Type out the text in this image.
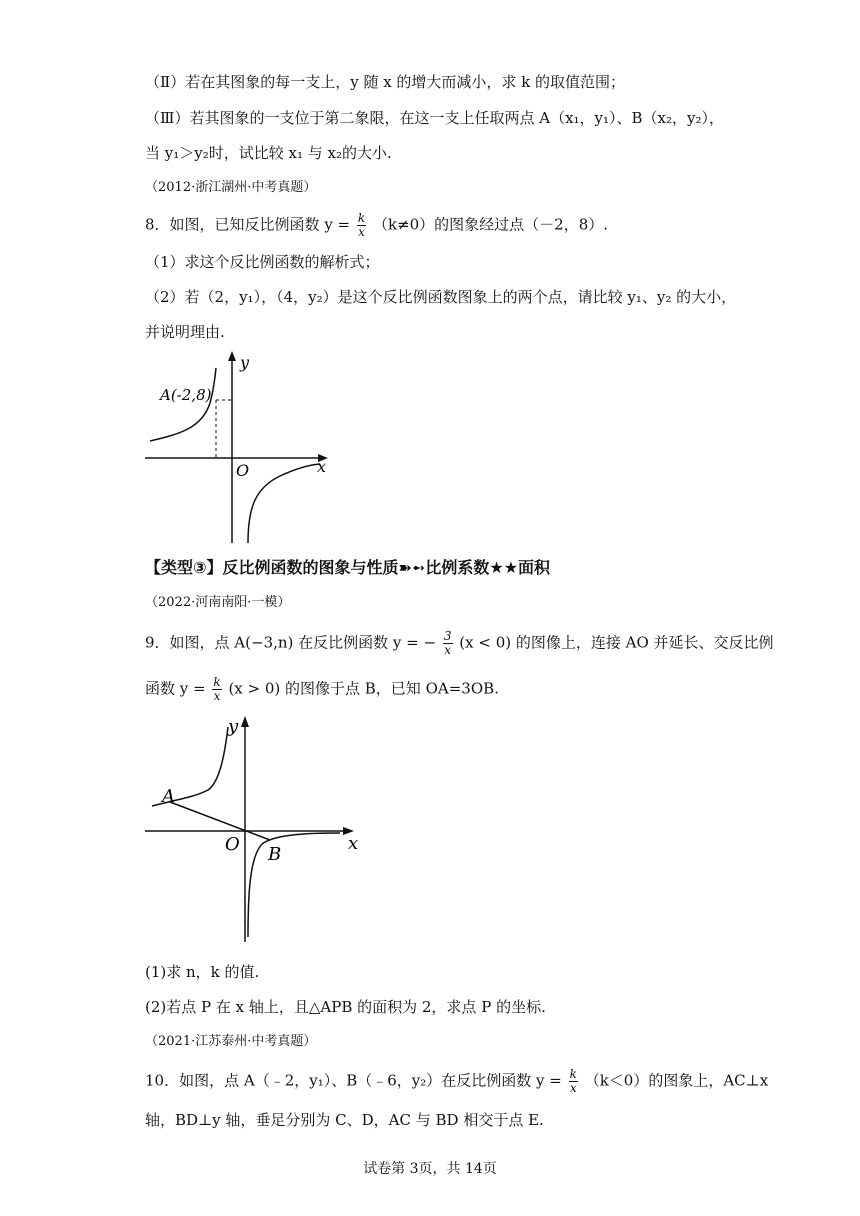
（Ⅱ）若在其图象的每一支上，y 随 x 的增大而减小，求 k 的取值范围；
（Ⅲ）若其图象的一支位于第二象限，在这一支上任取两点 A（x₁，y₁）、B（x₂，y₂），
当 y₁＞y₂时，试比较 x₁ 与 x₂的大小.
（2012·浙江湖州·中考真题）
8．如图，已知反比例函数 $y = \frac{k}{x} (k\ne 0)$的图象经过点（－2，8）.
（1）求这个反比例函数的解析式；
（2）若（2，y₁），（4，y₂）是这个反比例函数图象上的两个点，请比较 y₁、y₂ 的大小，
并说明理由.
y
x
O
A(-2,8)
【类型③】反比例函数的图象与性质➽➻比例系数★★面积
（2022·河南南阳·一模）
9．如图，点 A(−3,n) 在反比例函数 y = − $\frac{3}{x} (x < 0)$ 的图像上，连接 AO 并延长、交反比例
函数 $y = \frac{k}{x} (x > 0)$ 的图像于点 B，已知 OA=3OB.
y
x
O
A
B
(1)求 n，k 的值.
(2)若点 P 在 x 轴上，且△APB 的面积为 2，求点 P 的坐标.
（2021·江苏泰州·中考真题）
10．如图，点 A（﹣2，y₁）、B（﹣6，y₂）在反比例函数 $y = \frac{k}{x} (k<0)$的图象上，AC⊥x
轴，BD⊥y 轴，垂足分别为 C、D，AC 与 BD 相交于点 E.
试卷第 3页，共 14页
